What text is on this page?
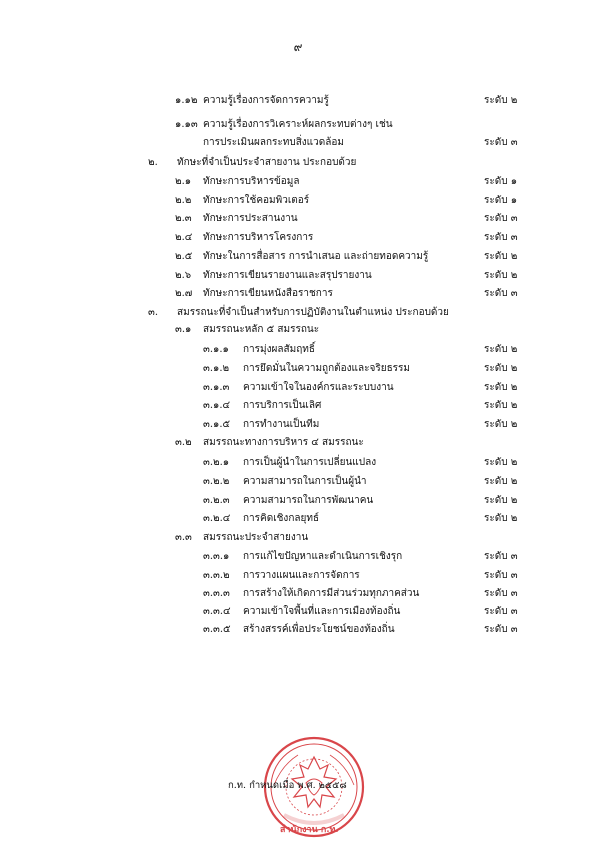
๙
๑.๑๒ ความรู้เรื่องการจัดการความรู้	ระดับ ๒
๑.๑๓ ความรู้เรื่องการวิเคราะห์ผลกระทบต่างๆ เช่น
การประเมินผลกระทบสิ่งแวดล้อม	ระดับ ๓
๒. ทักษะที่จำเป็นประจำสายงาน ประกอบด้วย
๒.๑ ทักษะการบริหารข้อมูล	ระดับ ๑
๒.๒ ทักษะการใช้คอมพิวเตอร์	ระดับ ๑
๒.๓ ทักษะการประสานงาน	ระดับ ๓
๒.๔ ทักษะการบริหารโครงการ	ระดับ ๓
๒.๕ ทักษะในการสื่อสาร การนำเสนอ และถ่ายทอดความรู้	ระดับ ๒
๒.๖ ทักษะการเขียนรายงานและสรุปรายงาน	ระดับ ๒
๒.๗ ทักษะการเขียนหนังสือราชการ	ระดับ ๓
๓. สมรรถนะที่จำเป็นสำหรับการปฏิบัติงานในตำแหน่ง ประกอบด้วย
๓.๑ สมรรถนะหลัก ๕ สมรรถนะ
๓.๑.๑ การมุ่งผลสัมฤทธิ์	ระดับ ๒
๓.๑.๒ การยึดมั่นในความถูกต้องและจริยธรรม	ระดับ ๒
๓.๑.๓ ความเข้าใจในองค์กรและระบบงาน	ระดับ ๒
๓.๑.๔ การบริการเป็นเลิศ	ระดับ ๒
๓.๑.๕ การทำงานเป็นทีม	ระดับ ๒
๓.๒ สมรรถนะทางการบริหาร ๔ สมรรถนะ
๓.๒.๑ การเป็นผู้นำในการเปลี่ยนแปลง	ระดับ ๒
๓.๒.๒ ความสามารถในการเป็นผู้นำ	ระดับ ๒
๓.๒.๓ ความสามารถในการพัฒนาคน	ระดับ ๒
๓.๒.๔ การคิดเชิงกลยุทธ์	ระดับ ๒
๓.๓ สมรรถนะประจำสายงาน
๓.๓.๑ การแก้ไขปัญหาและดำเนินการเชิงรุก	ระดับ ๓
๓.๓.๒ การวางแผนและการจัดการ	ระดับ ๓
๓.๓.๓ การสร้างให้เกิดการมีส่วนร่วมทุกภาคส่วน	ระดับ ๓
๓.๓.๔ ความเข้าใจพื้นที่และการเมืองท้องถิ่น	ระดับ ๓
๓.๓.๕ สร้างสรรค์เพื่อประโยชน์ของท้องถิ่น	ระดับ ๓
ก.ท. กำหนดเมื่อ พ.ศ. ๒๕๕๘
สำนักงาน ก.ท.
